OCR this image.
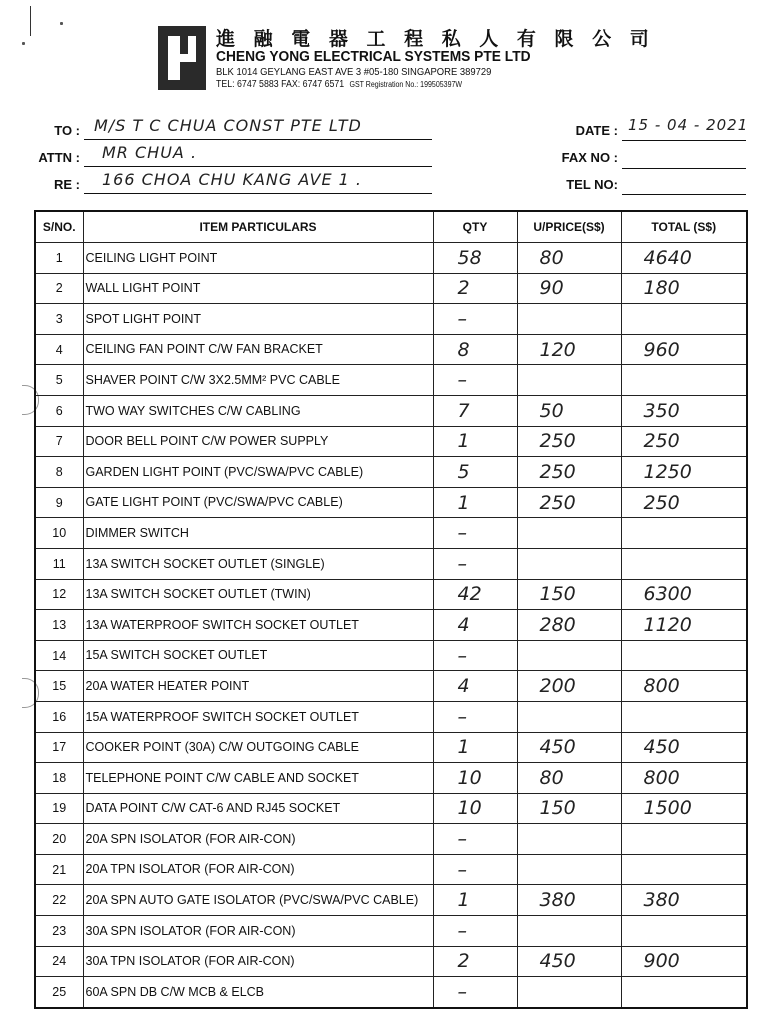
進 融 電 器 工 程 私 人 有 限 公 司
CHENG YONG ELECTRICAL SYSTEMS PTE LTD
BLK 1014 GEYLANG EAST AVE 3 #05-180 SINGAPORE 389729
TEL: 6747 5883 FAX: 6747 6571 GST Registration No.: 199505397W
TO : M/S T C CHUA CONST PTE LTD
ATTN : MR CHUA .
RE : 166 CHOA CHU KANG AVE 1 .
DATE : 15 - 04 - 2021
FAX NO :
TEL NO:
S/NO.	ITEM PARTICULARS	QTY	U/PRICE(S$)	TOTAL (S$)
1	CEILING LIGHT POINT	58	80	4640
2	WALL LIGHT POINT	2	90	180
3	SPOT LIGHT POINT	–		
4	CEILING FAN POINT C/W FAN BRACKET	8	120	960
5	SHAVER POINT C/W 3X2.5MM² PVC CABLE	–		
6	TWO WAY SWITCHES C/W CABLING	7	50	350
7	DOOR BELL POINT C/W POWER SUPPLY	1	250	250
8	GARDEN LIGHT POINT (PVC/SWA/PVC CABLE)	5	250	1250
9	GATE LIGHT POINT (PVC/SWA/PVC CABLE)	1	250	250
10	DIMMER SWITCH	–		
11	13A SWITCH SOCKET OUTLET (SINGLE)	–		
12	13A SWITCH SOCKET OUTLET (TWIN)	42	150	6300
13	13A WATERPROOF SWITCH SOCKET OUTLET	4	280	1120
14	15A SWITCH SOCKET OUTLET	–		
15	20A WATER HEATER POINT	4	200	800
16	15A WATERPROOF SWITCH SOCKET OUTLET	–		
17	COOKER POINT (30A) C/W OUTGOING CABLE	1	450	450
18	TELEPHONE POINT C/W CABLE AND SOCKET	10	80	800
19	DATA POINT C/W CAT-6 AND RJ45 SOCKET	10	150	1500
20	20A SPN ISOLATOR (FOR AIR-CON)	–		
21	20A TPN ISOLATOR (FOR AIR-CON)	–		
22	20A SPN AUTO GATE ISOLATOR (PVC/SWA/PVC CABLE)	1	380	380
23	30A SPN ISOLATOR (FOR AIR-CON)	–		
24	30A TPN ISOLATOR (FOR AIR-CON)	2	450	900
25	60A SPN DB C/W MCB & ELCB	–		
